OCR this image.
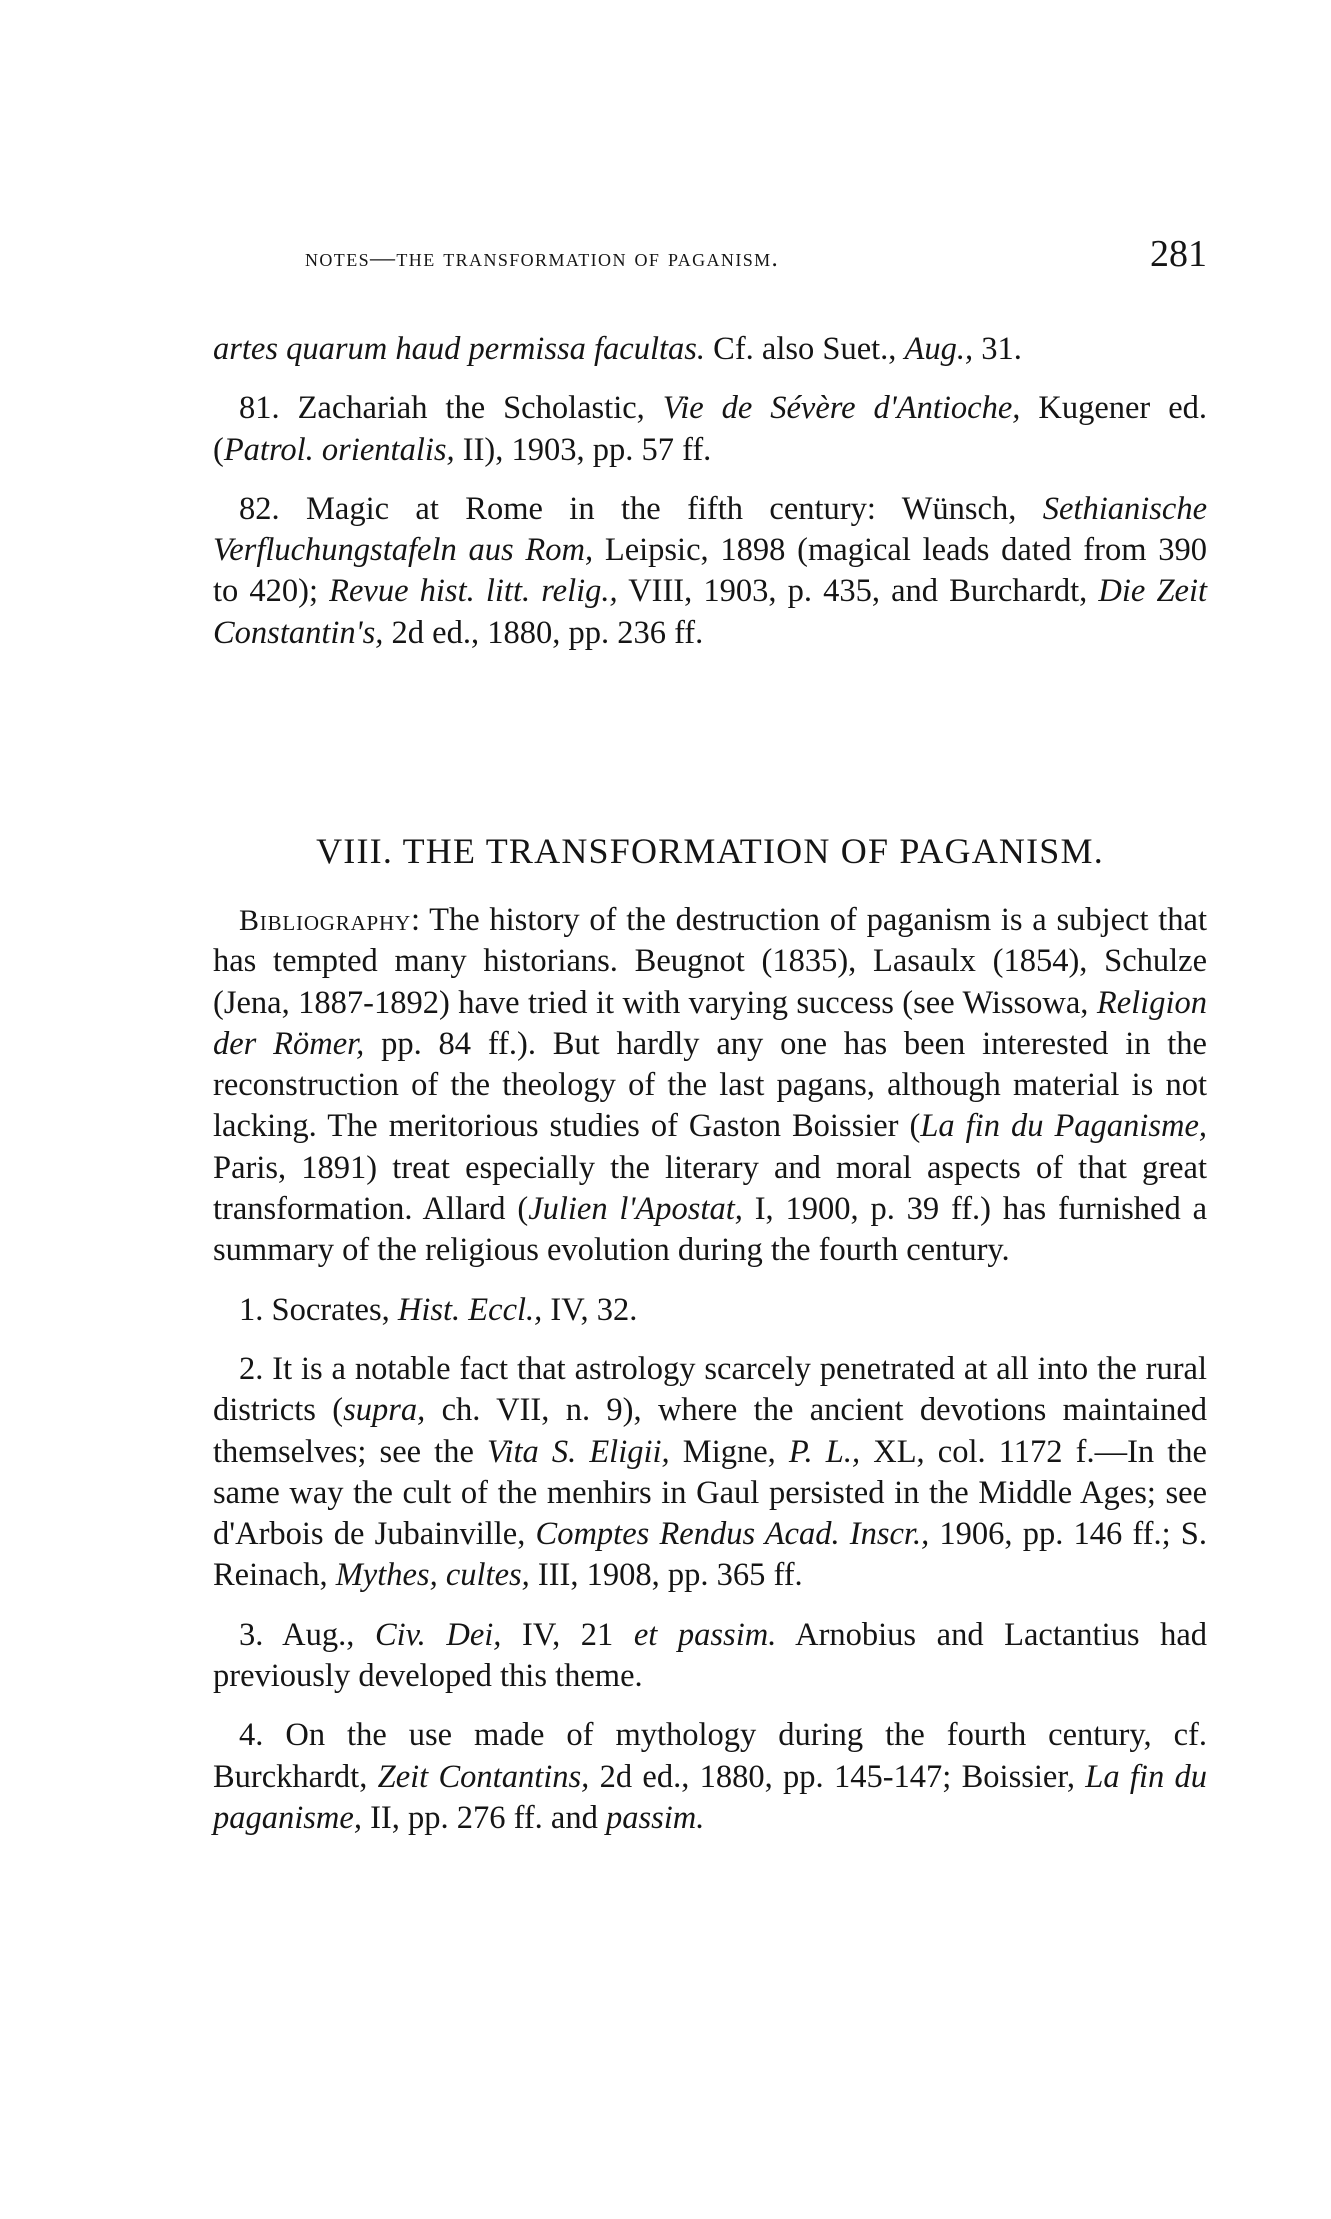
notes—the transformation of paganism.	281

artes quarum haud permissa facultas. Cf. also Suet., Aug., 31.

81. Zachariah the Scholastic, Vie de Sévère d'Antioche, Kugener ed. (Patrol. orientalis, II), 1903, pp. 57 ff.

82. Magic at Rome in the fifth century: Wünsch, Sethianische Verfluchungstafeln aus Rom, Leipsic, 1898 (magical leads dated from 390 to 420); Revue hist. litt. relig., VIII, 1903, p. 435, and Burchardt, Die Zeit Constantin's, 2d ed., 1880, pp. 236 ff.

VIII. THE TRANSFORMATION OF PAGANISM.

Bibliography: The history of the destruction of paganism is a subject that has tempted many historians. Beugnot (1835), Lasaulx (1854), Schulze (Jena, 1887-1892) have tried it with varying success (see Wissowa, Religion der Römer, pp. 84 ff.). But hardly any one has been interested in the reconstruction of the theology of the last pagans, although material is not lacking. The meritorious studies of Gaston Boissier (La fin du Paganisme, Paris, 1891) treat especially the literary and moral aspects of that great transformation. Allard (Julien l'Apostat, I, 1900, p. 39 ff.) has furnished a summary of the religious evolution during the fourth century.

1. Socrates, Hist. Eccl., IV, 32.

2. It is a notable fact that astrology scarcely penetrated at all into the rural districts (supra, ch. VII, n. 9), where the ancient devotions maintained themselves; see the Vita S. Eligii, Migne, P. L., XL, col. 1172 f.—In the same way the cult of the menhirs in Gaul persisted in the Middle Ages; see d'Arbois de Jubainville, Comptes Rendus Acad. Inscr., 1906, pp. 146 ff.; S. Reinach, Mythes, cultes, III, 1908, pp. 365 ff.

3. Aug., Civ. Dei, IV, 21 et passim. Arnobius and Lactantius had previously developed this theme.

4. On the use made of mythology during the fourth century, cf. Burckhardt, Zeit Contantins, 2d ed., 1880, pp. 145-147; Boissier, La fin du paganisme, II, pp. 276 ff. and passim.
